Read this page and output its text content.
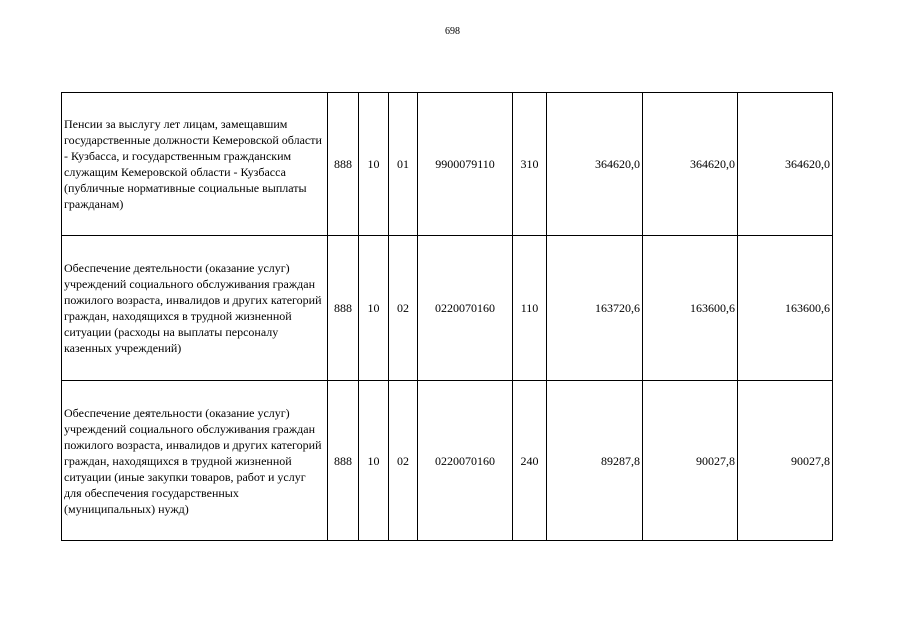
698
Пенсии за выслугу лет лицам, замещавшим государственные должности Кемеровской области - Кузбасса, и государственным гражданским служащим Кемеровской области - Кузбасса (публичные нормативные социальные выплаты гражданам)	888	10	01	9900079110	310	364620,0	364620,0	364620,0
Обеспечение деятельности (оказание услуг) учреждений социального обслуживания граждан пожилого возраста, инвалидов и других категорий граждан, находящихся в трудной жизненной ситуации (расходы на выплаты персоналу казенных учреждений)	888	10	02	0220070160	110	163720,6	163600,6	163600,6
Обеспечение деятельности (оказание услуг) учреждений социального обслуживания граждан пожилого возраста, инвалидов и других категорий граждан, находящихся в трудной жизненной ситуации (иные закупки товаров, работ и услуг для обеспечения государственных (муниципальных) нужд)	888	10	02	0220070160	240	89287,8	90027,8	90027,8
